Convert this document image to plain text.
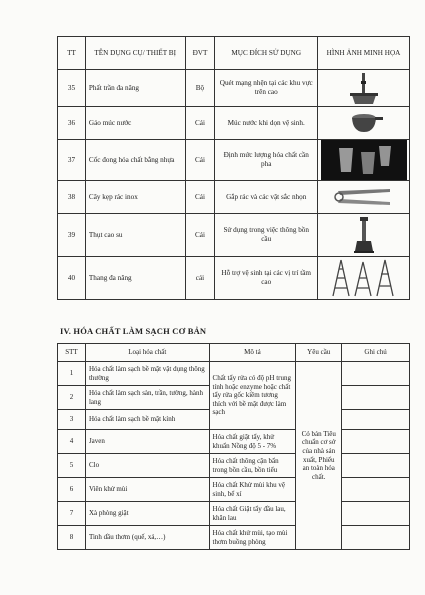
TT	TÊN DỤNG CỤ/ THIẾT BỊ	ĐVT	MỤC ĐÍCH SỬ DỤNG	HÌNH ẢNH MINH HỌA
35	Phất trần đa năng	Bộ	Quét mạng nhện tại các khu vực trên cao	

36	Gáo múc nước	Cái	Múc nước khi dọn vệ sinh.	

37	Cốc đong hóa chất bằng nhựa	Cái	Định mức lượng hóa chất cần pha	

38	Cây kẹp rác inox	Cái	Gắp rác và các vật sắc nhọn	

39	Thụt cao su	Cái	Sử dụng trong việc thông bồn cầu	

40	Thang đa năng	cái	Hỗ trợ vệ sinh tại các vị trí tầm cao	
IV. HÓA CHẤT LÀM SẠCH CƠ BẢN
STT	Loại hóa chất	Mô tả	Yêu cầu	Ghi chú
1	Hóa chất làm sạch bề mặt vật dụng thông thường	Chất tẩy rửa có độ pH trung tính hoặc enzyme hoặc chất tẩy rửa gốc kiềm tương thích với bề mặt được làm sạch	Có bản Tiêu chuẩn cơ sở của nhà sản xuất, Phiếu an toàn hóa chất.	
2	Hóa chất làm sạch sàn, trần, tường, hành lang			
3	Hóa chất làm sạch bề mặt kính			
4	Javen	Hóa chất giặt tẩy, khử khuẩn Nồng độ 5 - 7%		
5	Clo	Hóa chất thông cặn bẩn trong bồn cầu, bồn tiểu		
6	Viên khử mùi	Hóa chất Khử mùi khu vệ sinh, bể xí		
7	Xà phòng giặt	Hóa chất Giặt tẩy đầu lau, khăn lau		
8	Tinh dầu thơm (quế, xả,…)	Hóa chất khử mùi, tạo mùi thơm buồng phòng		
